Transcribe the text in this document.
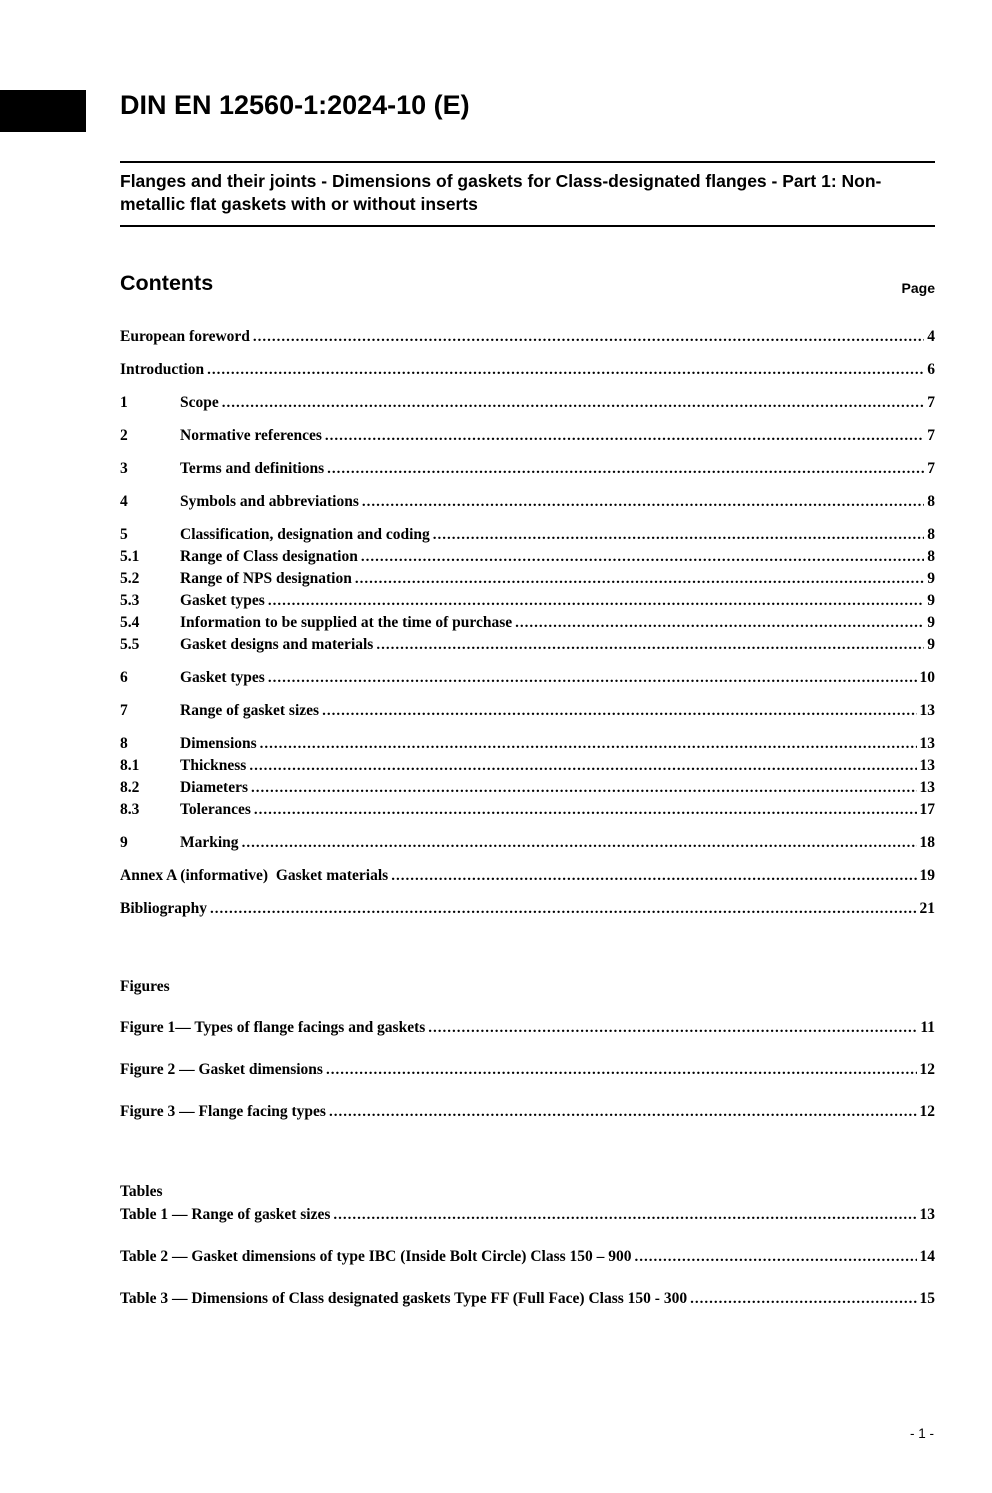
DIN EN 12560-1:2024-10 (E)
Flanges and their joints - Dimensions of gaskets for Class-designated flanges - Part 1: Non-metallic flat gaskets with or without inserts
Contents	Page
European foreword .....	4
Introduction .....	6
1	Scope .....	7
2	Normative references .....	7
3	Terms and definitions .....	7
4	Symbols and abbreviations .....	8
5	Classification, designation and coding .....	8
5.1	Range of Class designation .....	8
5.2	Range of NPS designation .....	9
5.3	Gasket types .....	9
5.4	Information to be supplied at the time of purchase .....	9
5.5	Gasket designs and materials .....	9
6	Gasket types .....	10
7	Range of gasket sizes .....	13
8	Dimensions .....	13
8.1	Thickness .....	13
8.2	Diameters .....	13
8.3	Tolerances .....	17
9	Marking .....	18
Annex A (informative)  Gasket materials .....	19
Bibliography .....	21
Figures
Figure 1— Types of flange facings and gaskets .....	11
Figure 2 — Gasket dimensions .....	12
Figure 3 — Flange facing types .....	12
Tables
Table 1 — Range of gasket sizes .....	13
Table 2 — Gasket dimensions of type IBC (Inside Bolt Circle) Class 150 – 900 .....	14
Table 3 — Dimensions of Class designated gaskets Type FF (Full Face) Class 150 - 300 .....	15
- 1 -
